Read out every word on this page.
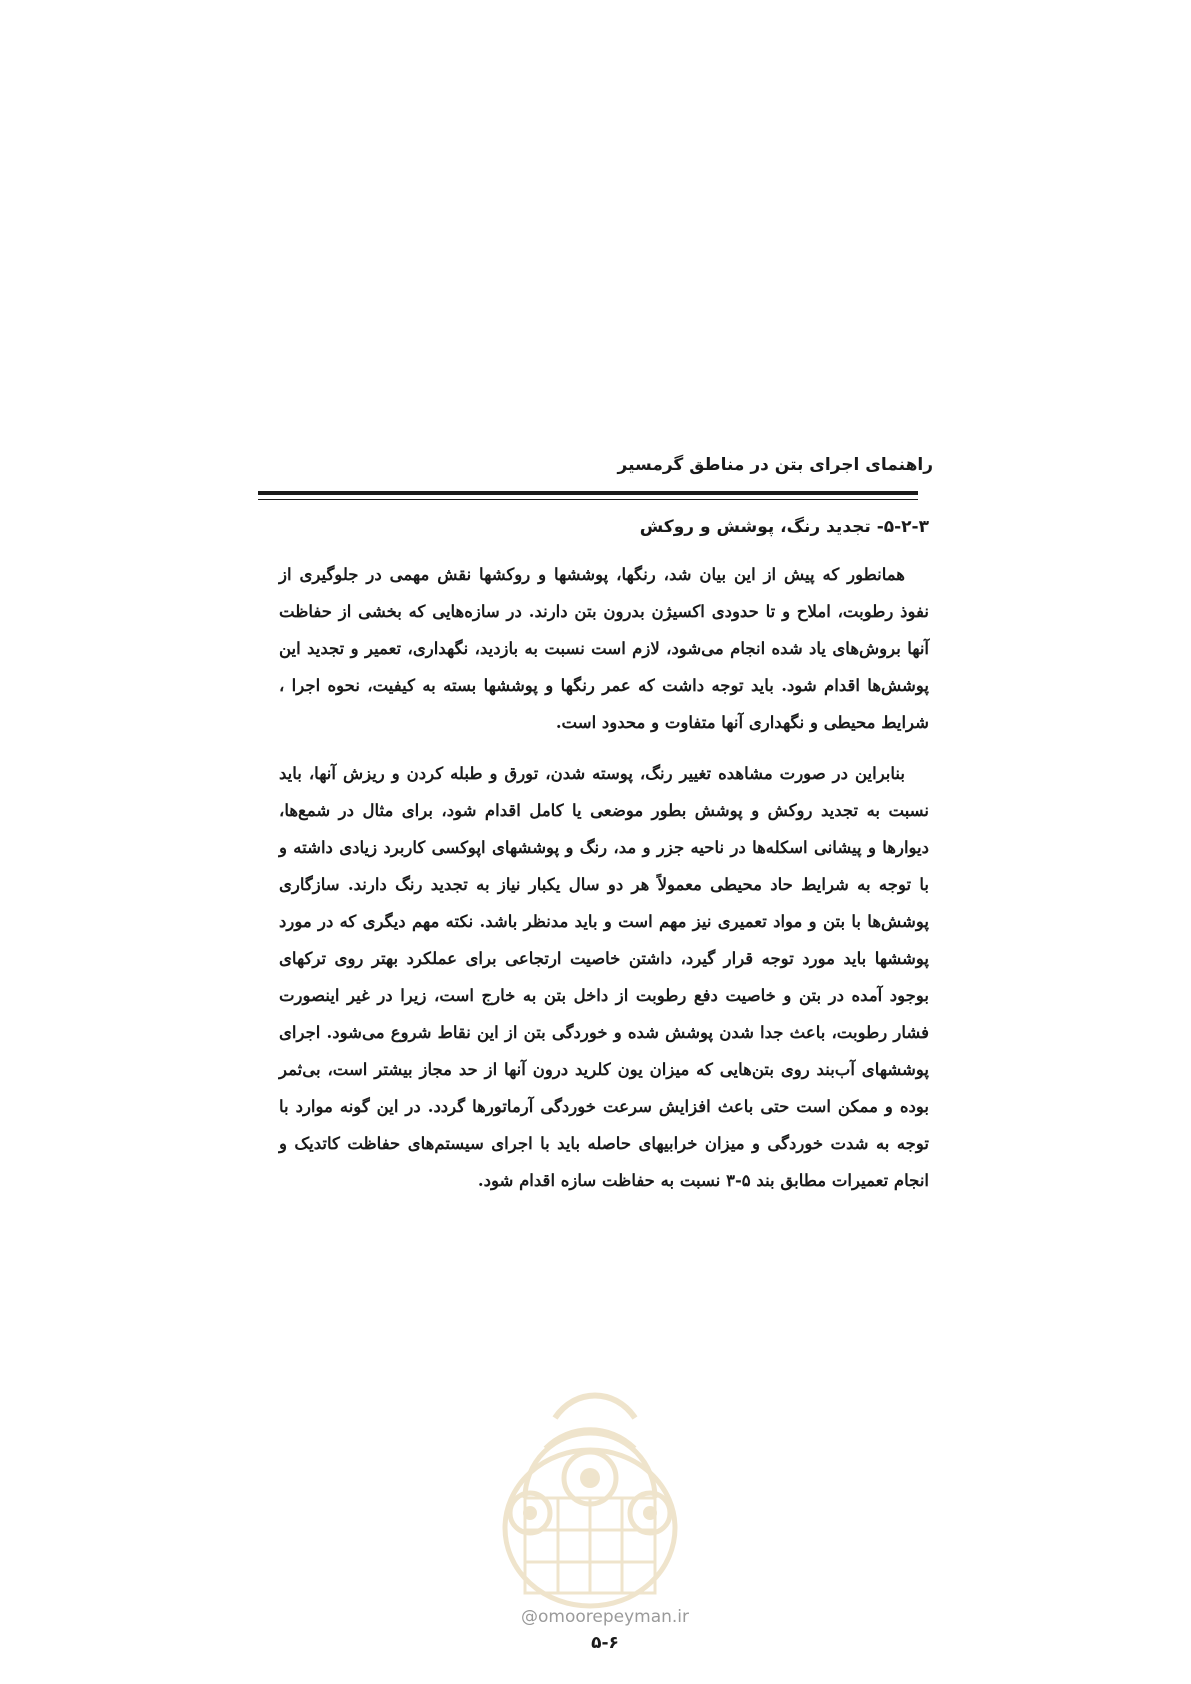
راهنمای اجرای بتن در مناطق گرمسیر
۵-۲-۳- تجدید رنگ، پوشش و روکش

همانطور که پیش از این بیان شد، رنگها، پوششها و روکشها نقش مهمی در جلوگیری از نفوذ رطوبت، املاح و تا حدودی اکسیژن بدرون بتن دارند. در سازه‌هایی که بخشی از حفاظت آنها بروش‌های یاد شده انجام می‌شود، لازم است نسبت به بازدید، نگهداری، تعمیر و تجدید این پوشش‌ها اقدام شود. باید توجه داشت که عمر رنگها و پوششها بسته به کیفیت، نحوه اجرا ، شرایط محیطی و نگهداری آنها متفاوت و محدود است.

بنابراین در صورت مشاهده تغییر رنگ، پوسته شدن، تورق و طبله کردن و ریزش آنها، باید نسبت به تجدید روکش و پوشش بطور موضعی یا کامل اقدام شود، برای مثال در شمع‌ها، دیوارها و پیشانی اسکله‌ها در ناحیه جزر و مد، رنگ و پوششهای اپوکسی کاربرد زیادی داشته و با توجه به شرایط حاد محیطی معمولاً هر دو سال یکبار نیاز به تجدید رنگ دارند. سازگاری پوشش‌ها با بتن و مواد تعمیری نیز مهم است و باید مدنظر باشد. نکته مهم دیگری که در مورد پوششها باید مورد توجه قرار گیرد، داشتن خاصیت ارتجاعی برای عملکرد بهتر روی ترکهای بوجود آمده در بتن و خاصیت دفع رطوبت از داخل بتن به خارج است، زیرا در غیر اینصورت فشار رطوبت، باعث جدا شدن پوشش شده و خوردگی بتن از این نقاط شروع می‌شود. اجرای پوششهای آب‌بند روی بتن‌هایی که میزان یون کلرید درون آنها از حد مجاز بیشتر است، بی‌ثمر بوده و ممکن است حتی باعث افزایش سرعت خوردگی آرماتورها گردد. در این گونه موارد با توجه به شدت خوردگی و میزان خرابیهای حاصله باید با اجرای سیستم‌های حفاظت کاتدیک و انجام تعمیرات مطابق بند ۵-۳ نسبت به حفاظت سازه اقدام شود.

@omoorepeyman.ir
۵-۶
